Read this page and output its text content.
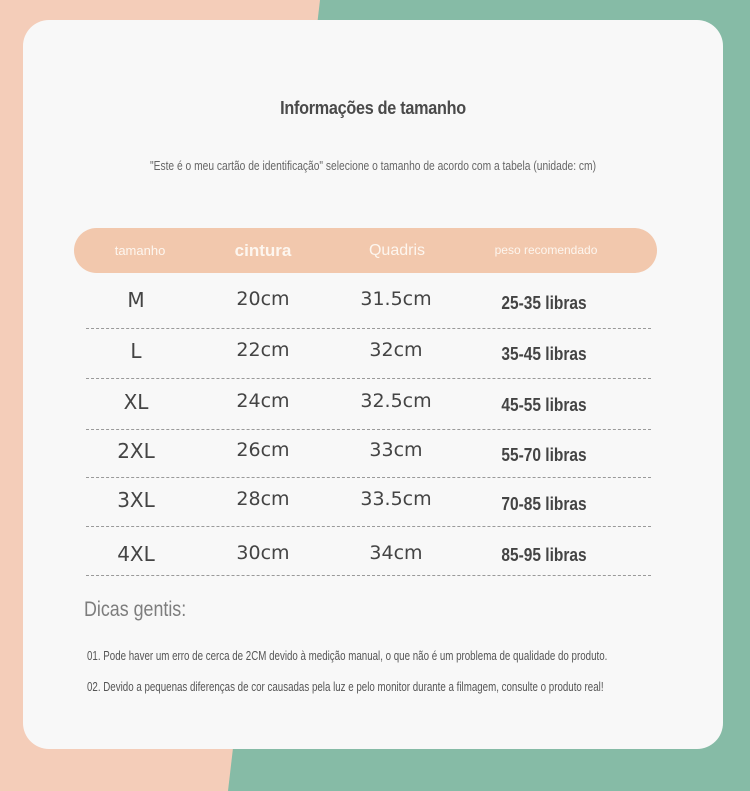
Informações de tamanho
"Este é o meu cartão de identificação" selecione o tamanho de acordo com a tabela (unidade: cm)
tamanho	cintura	Quadris	peso recomendado
M	20cm	31.5cm	25-35 libras
L	22cm	32cm	35-45 libras
XL	24cm	32.5cm	45-55 libras
2XL	26cm	33cm	55-70 libras
3XL	28cm	33.5cm	70-85 libras
4XL	30cm	34cm	85-95 libras
Dicas gentis:
01. Pode haver um erro de cerca de 2CM devido à medição manual, o que não é um problema de qualidade do produto.
02. Devido a pequenas diferenças de cor causadas pela luz e pelo monitor durante a filmagem, consulte o produto real!
